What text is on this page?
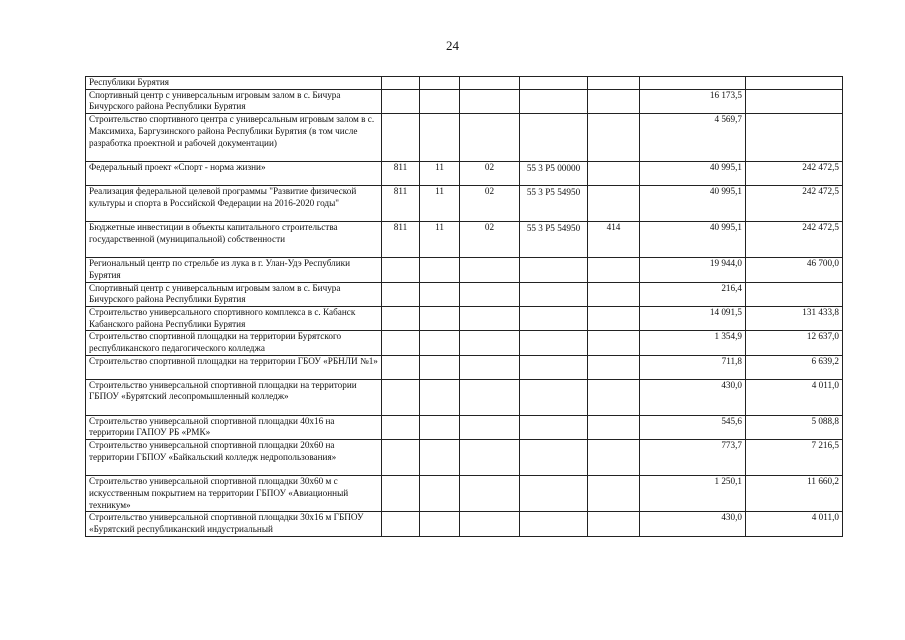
24
Республики Бурятия							
Спортивный центр с универсальным игровым залом в с. Бичура Бичурского района Республики Бурятия						16 173,5	
Строительство спортивного центра с универсальным игровым залом в с. Максимиха, Баргузинского района Республики Бурятия (в том числе разработка проектной и рабочей документации)						4 569,7	
Федеральный проект «Спорт - норма жизни»	811	11	02	55 3 P5 00000		40 995,1	242 472,5
Реализация федеральной целевой программы "Развитие физической культуры и спорта в Российской Федерации на 2016-2020 годы"	811	11	02	55 3 P5 54950		40 995,1	242 472,5
Бюджетные инвестиции в объекты капитального строительства государственной (муниципальной) собственности	811	11	02	55 3 P5 54950	414	40 995,1	242 472,5
Региональный центр по стрельбе из лука в г. Улан-Удэ Республики Бурятия						19 944,0	46 700,0
Спортивный центр с универсальным игровым залом в с. Бичура Бичурского района Республики Бурятия						216,4	
Строительство универсального спортивного комплекса в с. Кабанск Кабанского района Республики Бурятия						14 091,5	131 433,8
Строительство спортивной площадки на территории Бурятского республиканского педагогического колледжа						1 354,9	12 637,0
Строительство спортивной площадки на территории ГБОУ «РБНЛИ №1»						711,8	6 639,2
Строительство универсальной спортивной площадки на территории ГБПОУ «Бурятский лесопромышленный колледж»						430,0	4 011,0
Строительство универсальной спортивной площадки 40x16 на территории ГАПОУ РБ «РМК»						545,6	5 088,8
Строительство универсальной спортивной площадки 20x60 на территории ГБПОУ «Байкальский колледж недропользования»						773,7	7 216,5
Строительство универсальной спортивной площадки 30x60 м с искусственным покрытием на территории ГБПОУ «Авиационный техникум»						1 250,1	11 660,2
Строительство универсальной спортивной площадки 30x16 м ГБПОУ «Бурятский республиканский индустриальный						430,0	4 011,0
